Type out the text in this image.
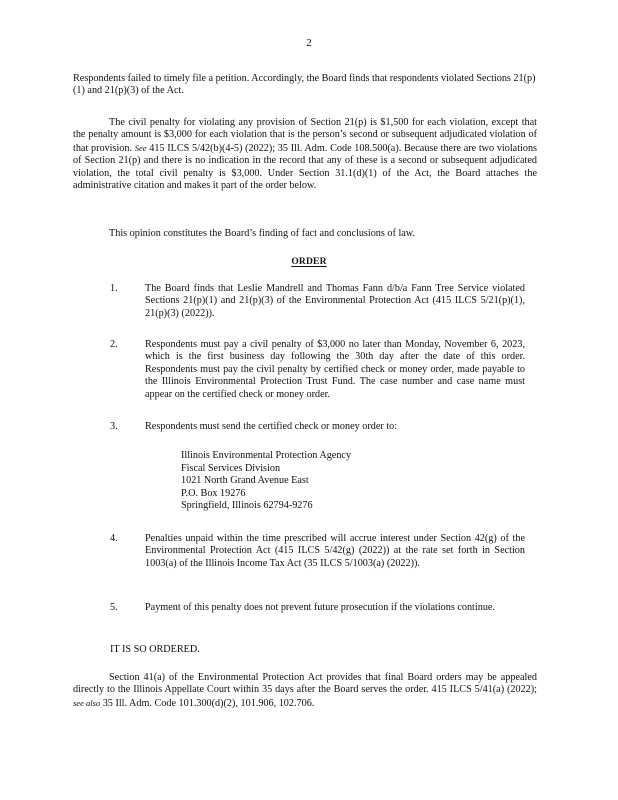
2
Respondents failed to timely file a petition. Accordingly, the Board finds that respondents violated Sections 21(p)(1) and 21(p)(3) of the Act.
The civil penalty for violating any provision of Section 21(p) is $1,500 for each violation, except that the penalty amount is $3,000 for each violation that is the person’s second or subsequent adjudicated violation of that provision. See 415 ILCS 5/42(b)(4-5) (2022); 35 Ill. Adm. Code 108.500(a). Because there are two violations of Section 21(p) and there is no indication in the record that any of these is a second or subsequent adjudicated violation, the total civil penalty is $3,000. Under Section 31.1(d)(1) of the Act, the Board attaches the administrative citation and makes it part of the order below.
This opinion constitutes the Board’s finding of fact and conclusions of law.
ORDER
1.	The Board finds that Leslie Mandrell and Thomas Fann d/b/a Fann Tree Service violated Sections 21(p)(1) and 21(p)(3) of the Environmental Protection Act (415 ILCS 5/21(p)(1), 21(p)(3) (2022)).
2.	Respondents must pay a civil penalty of $3,000 no later than Monday, November 6, 2023, which is the first business day following the 30th day after the date of this order. Respondents must pay the civil penalty by certified check or money order, made payable to the Illinois Environmental Protection Trust Fund. The case number and case name must appear on the certified check or money order.
3.	Respondents must send the certified check or money order to:
Illinois Environmental Protection Agency
Fiscal Services Division
1021 North Grand Avenue East
P.O. Box 19276
Springfield, Illinois 62794-9276
4.	Penalties unpaid within the time prescribed will accrue interest under Section 42(g) of the Environmental Protection Act (415 ILCS 5/42(g) (2022)) at the rate set forth in Section 1003(a) of the Illinois Income Tax Act (35 ILCS 5/1003(a) (2022)).
5.	Payment of this penalty does not prevent future prosecution if the violations continue.
IT IS SO ORDERED.
Section 41(a) of the Environmental Protection Act provides that final Board orders may be appealed directly to the Illinois Appellate Court within 35 days after the Board serves the order. 415 ILCS 5/41(a) (2022); see also 35 Ill. Adm. Code 101.300(d)(2), 101.906, 102.706.
